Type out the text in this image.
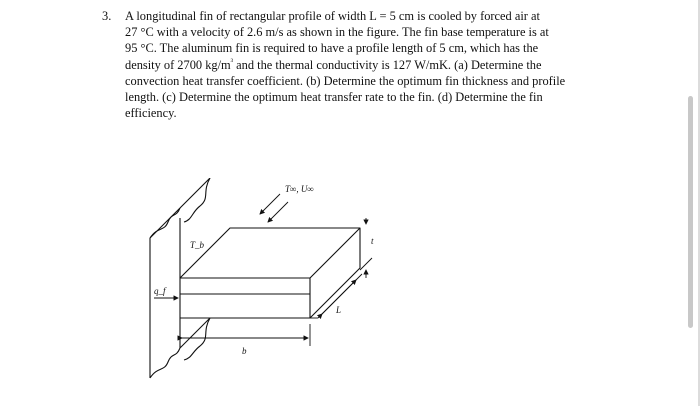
3. A longitudinal fin of rectangular profile of width L = 5 cm is cooled by forced air at
27 °C with a velocity of 2.6 m/s as shown in the figure. The fin base temperature is at
95 °C. The aluminum fin is required to have a profile length of 5 cm, which has the
density of 2700 $kg/m^{^3}$ and the thermal conductivity is 127 W/mK. (a) Determine the
convection heat transfer coefficient. (b) Determine the optimum fin thickness and profile
length. (c) Determine the optimum heat transfer rate to the fin. (d) Determine the fin
efficiency.
T∞, U∞
T_b
q_f
t
L
b
